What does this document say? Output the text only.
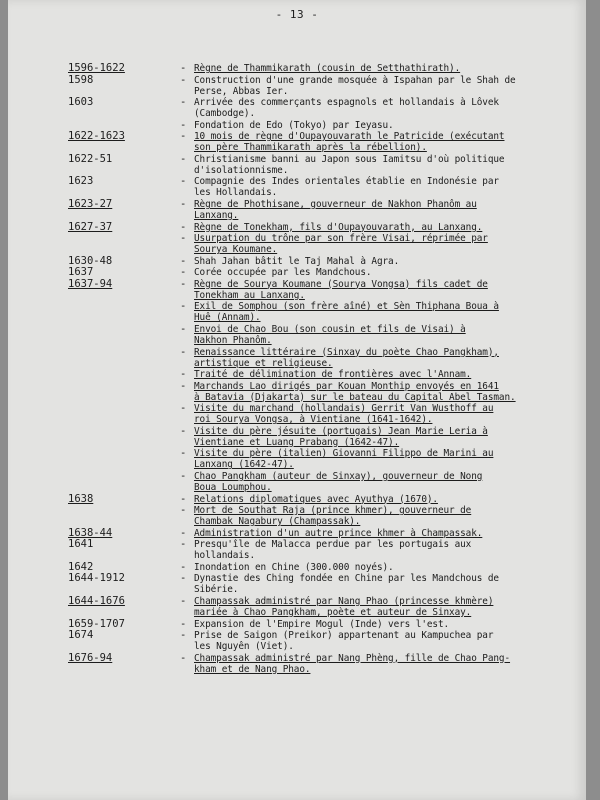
- 13 -
1596-1622	- Règne de Thammikarath (cousin de Setthathirath).
1598	- Construction d'une grande mosquée à Ispahan par le Shah de
Perse, Abbas Ier.
1603	- Arrivée des commerçants espagnols et hollandais à Lôvek
(Cambodge).
- Fondation de Edo (Tokyo) par Ieyasu.
1622-1623	- 10 mois de règne d'Oupayouvarath le Patricide (exécutant
son père Thammikarath après la rébellion).
1622-51	- Christianisme banni au Japon sous Iamitsu d'où politique
d'isolationnisme.
1623	- Compagnie des Indes orientales établie en Indonésie par
les Hollandais.
1623-27	- Règne de Phothisane, gouverneur de Nakhon Phanôm au
Lanxang.
1627-37	- Règne de Tonekham, fils d'Oupayouvarath, au Lanxang.
- Usurpation du trône par son frère Visai, réprimée par
Sourya Koumane.
1630-48	- Shah Jahan bâtit le Taj Mahal à Agra.
1637	- Corée occupée par les Mandchous.
1637-94	- Règne de Sourya Koumane (Sourya Vongsa) fils cadet de
Tonekham au Lanxang.
- Exil de Somphou (son frère aîné) et Sèn Thiphana Boua à
Huê (Annam).
- Envoi de Chao Bou (son cousin et fils de Visai) à
Nakhon Phanôm.
- Renaissance littéraire (Sinxay du poète Chao Pangkham),
artistique et religieuse.
- Traité de délimination de frontières avec l'Annam.
- Marchands Lao dirigés par Kouan Monthip envoyés en 1641
à Batavia (Djakarta) sur le bateau du Capital Abel Tasman.
- Visite du marchand (hollandais) Gerrit Van Wusthoff au
roi Sourya Vongsa, à Vientiane (1641-1642).
- Visite du père jésuite (portugais) Jean Marie Leria à
Vientiane et Luang Prabang (1642-47).
- Visite du père (italien) Giovanni Filippo de Marini au
Lanxang (1642-47).
- Chao Pangkham (auteur de Sinxay), gouverneur de Nong
Boua Loumphou.
1638	- Relations diplomatiques avec Ayuthya (1670).
- Mort de Southat Raja (prince khmer), gouverneur de
Chambak Nagabury (Champassak).
1638-44	- Administration d'un autre prince khmer à Champassak.
1641	- Presqu'île de Malacca perdue par les portugais aux
hollandais.
1642	- Inondation en Chine (300.000 noyés).
1644-1912	- Dynastie des Ching fondée en Chine par les Mandchous de
Sibérie.
1644-1676	- Champassak administré par Nang Phao (princesse khmère)
mariée à Chao Pangkham, poète et auteur de Sinxay.
1659-1707	- Expansion de l'Empire Mogul (Inde) vers l'est.
1674	- Prise de Saigon (Preikor) appartenant au Kampuchea par
les Nguyên (Viet).
1676-94	- Champassak administré par Nang Phèng, fille de Chao Pang-
kham et de Nang Phao.
